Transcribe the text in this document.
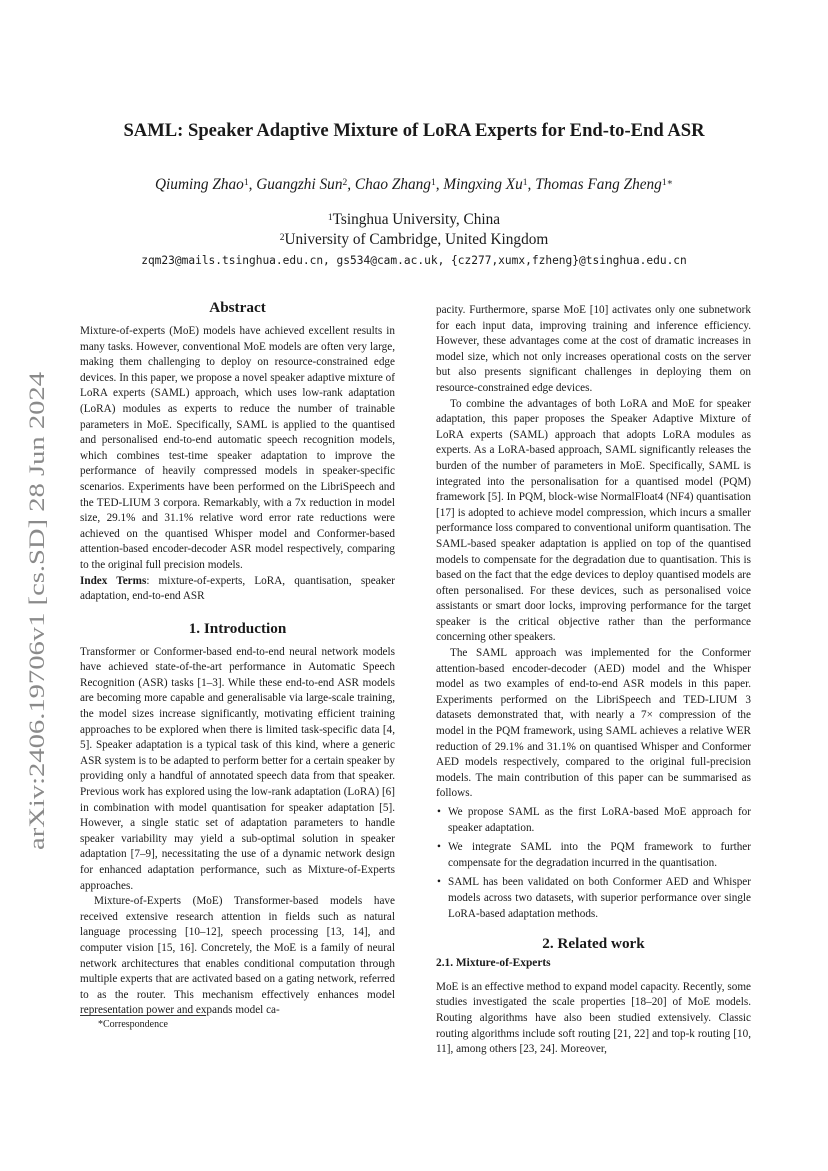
arXiv:2406.19706v1 [cs.SD] 28 Jun 2024
SAML: Speaker Adaptive Mixture of LoRA Experts for End-to-End ASR

Qiuming Zhao$^1$, Guangzhi Sun$^2$, Chao Zhang$^1$, Mingxing Xu$^1$, Thomas Fang Zheng$^{1∗}$

$^1$Tsinghua University, China

$^2$University of Cambridge, United Kingdom

zqm23@mails.tsinghua.edu.cn, gs534@cam.ac.uk, {cz277,xumx,fzheng}@tsinghua.edu.cn

Abstract

Mixture-of-experts (MoE) models have achieved excellent results in many tasks. However, conventional MoE models are often very large, making them challenging to deploy on resource-constrained edge devices. In this paper, we propose a novel speaker adaptive mixture of LoRA experts (SAML) approach, which uses low-rank adaptation (LoRA) modules as experts to reduce the number of trainable parameters in MoE. Specifically, SAML is applied to the quantised and personalised end-to-end automatic speech recognition models, which combines test-time speaker adaptation to improve the performance of heavily compressed models in speaker-specific scenarios. Experiments have been performed on the LibriSpeech and the TED-LIUM 3 corpora. Remarkably, with a 7x reduction in model size, 29.1% and 31.1% relative word error rate reductions were achieved on the quantised Whisper model and Conformer-based attention-based encoder-decoder ASR model respectively, comparing to the original full precision models.

Index Terms: mixture-of-experts, LoRA, quantisation, speaker adaptation, end-to-end ASR

1. Introduction

Transformer or Conformer-based end-to-end neural network models have achieved state-of-the-art performance in Automatic Speech Recognition (ASR) tasks [1–3]. While these end-to-end ASR models are becoming more capable and generalisable via large-scale training, the model sizes increase significantly, motivating efficient training approaches to be explored when there is limited task-specific data [4, 5]. Speaker adaptation is a typical task of this kind, where a generic ASR system is to be adapted to perform better for a certain speaker by providing only a handful of annotated speech data from that speaker. Previous work has explored using the low-rank adaptation (LoRA) [6] in combination with model quantisation for speaker adaptation [5]. However, a single static set of adaptation parameters to handle speaker variability may yield a sub-optimal solution in speaker adaptation [7–9], necessitating the use of a dynamic network design for enhanced adaptation performance, such as Mixture-of-Experts approaches.

Mixture-of-Experts (MoE) Transformer-based models have received extensive research attention in fields such as natural language processing [10–12], speech processing [13, 14], and computer vision [15, 16]. Concretely, the MoE is a family of neural network architectures that enables conditional computation through multiple experts that are activated based on a gating network, referred to as the router. This mechanism effectively enhances model representation power and expands model ca-

pacity. Furthermore, sparse MoE [10] activates only one subnetwork for each input data, improving training and inference efficiency. However, these advantages come at the cost of dramatic increases in model size, which not only increases operational costs on the server but also presents significant challenges in deploying them on resource-constrained edge devices.

To combine the advantages of both LoRA and MoE for speaker adaptation, this paper proposes the Speaker Adaptive Mixture of LoRA experts (SAML) approach that adopts LoRA modules as experts. As a LoRA-based approach, SAML significantly releases the burden of the number of parameters in MoE. Specifically, SAML is integrated into the personalisation for a quantised model (PQM) framework [5]. In PQM, block-wise NormalFloat4 (NF4) quantisation [17] is adopted to achieve model compression, which incurs a smaller performance loss compared to conventional uniform quantisation. The SAML-based speaker adaptation is applied on top of the quantised models to compensate for the degradation due to quantisation. This is based on the fact that the edge devices to deploy quantised models are often personalised. For these devices, such as personalised voice assistants or smart door locks, improving performance for the target speaker is the critical objective rather than the performance concerning other speakers.

The SAML approach was implemented for the Conformer attention-based encoder-decoder (AED) model and the Whisper model as two examples of end-to-end ASR models in this paper. Experiments performed on the LibriSpeech and TED-LIUM 3 datasets demonstrated that, with nearly a 7× compression of the model in the PQM framework, using SAML achieves a relative WER reduction of 29.1% and 31.1% on quantised Whisper and Conformer AED models respectively, compared to the original full-precision models. The main contribution of this paper can be summarised as follows.

• We propose SAML as the first LoRA-based MoE approach for speaker adaptation.
• We integrate SAML into the PQM framework to further compensate for the degradation incurred in the quantisation.
• SAML has been validated on both Conformer AED and Whisper models across two datasets, with superior performance over single LoRA-based adaptation methods.
2. Related work
2.1. Mixture-of-Experts

MoE is an effective method to expand model capacity. Recently, some studies investigated the scale properties [18–20] of MoE models. Routing algorithms have also been studied extensively. Classic routing algorithms include soft routing [21, 22] and top-k routing [10, 11], among others [23, 24]. Moreover,

*Correspondence
